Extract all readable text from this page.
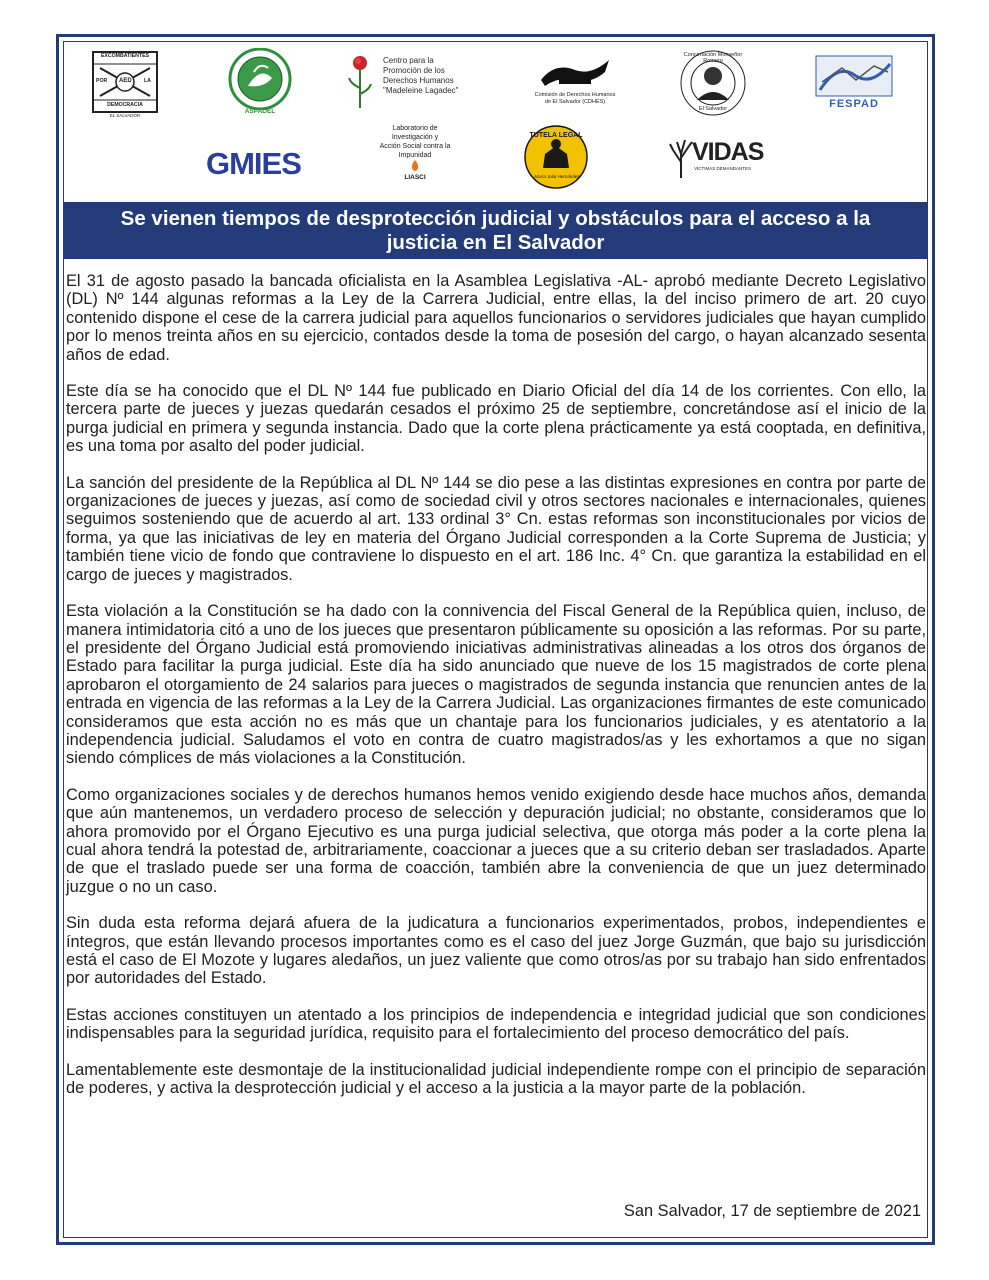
EXCOMBATIENTES
POR	LA
AED
DEMOCRACIA
EL SALVADOR
ASPADEL
Centro para la
Promoción de los
Derechos Humanos
"Madeleine Lagadec"	Comisión de Derechos Humanos
de El Salvador (CDHES)
Concertación Monseñor Romero
El Salvador	FESPAD
GMIES
Laboratorio de
Investigación y
Acción Social contra la
Impunidad
LIASCI
TUTELA LEGAL
María Julia Hernández
VIDAS
VÍCTIMAS DEMANDANTES
Se vienen tiempos de desprotección judicial y obstáculos para el acceso a la
justicia en El Salvador

El 31 de agosto pasado la bancada oficialista en la Asamblea Legislativa -AL- aprobó mediante Decreto Legislativo (DL) Nº 144 algunas reformas a la Ley de la Carrera Judicial, entre ellas, la del inciso primero de art. 20 cuyo contenido dispone el cese de la carrera judicial para aquellos funcionarios o servidores judiciales que hayan cumplido por lo menos treinta años en su ejercicio, contados desde la toma de posesión del cargo, o hayan alcanzado sesenta años de edad.

Este día se ha conocido que el DL Nº 144 fue publicado en Diario Oficial del día 14 de los corrientes. Con ello, la tercera parte de jueces y juezas quedarán cesados el próximo 25 de septiembre, concretándose así el inicio de la purga judicial en primera y segunda instancia. Dado que la corte plena prácticamente ya está cooptada, en definitiva, es una toma por asalto del poder judicial.

La sanción del presidente de la República al DL Nº 144 se dio pese a las distintas expresiones en contra por parte de organizaciones de jueces y juezas, así como de sociedad civil y otros sectores nacionales e internacionales, quienes seguimos sosteniendo que de acuerdo al art. 133 ordinal 3° Cn. estas reformas son inconstitucionales por vicios de forma, ya que las iniciativas de ley en materia del Órgano Judicial corresponden a la Corte Suprema de Justicia; y también tiene vicio de fondo que contraviene lo dispuesto en el art. 186 Inc. 4° Cn. que garantiza la estabilidad en el cargo de jueces y magistrados.

Esta violación a la Constitución se ha dado con la connivencia del Fiscal General de la República quien, incluso, de manera intimidatoria citó a uno de los jueces que presentaron públicamente su oposición a las reformas. Por su parte, el presidente del Órgano Judicial está promoviendo iniciativas administrativas alineadas a los otros dos órganos de Estado para facilitar la purga judicial. Este día ha sido anunciado que nueve de los 15 magistrados de corte plena aprobaron el otorgamiento de 24 salarios para jueces o magistrados de segunda instancia que renuncien antes de la entrada en vigencia de las reformas a la Ley de la Carrera Judicial. Las organizaciones firmantes de este comunicado consideramos que esta acción no es más que un chantaje para los funcionarios judiciales, y es atentatorio a la independencia judicial. Saludamos el voto en contra de cuatro magistrados/as y les exhortamos a que no sigan siendo cómplices de más violaciones a la Constitución.

Como organizaciones sociales y de derechos humanos hemos venido exigiendo desde hace muchos años, demanda que aún mantenemos, un verdadero proceso de selección y depuración judicial; no obstante, consideramos que lo ahora promovido por el Órgano Ejecutivo es una purga judicial selectiva, que otorga más poder a la corte plena la cual ahora tendrá la potestad de, arbitrariamente, coaccionar a jueces que a su criterio deban ser trasladados. Aparte de que el traslado puede ser una forma de coacción, también abre la conveniencia de que un juez determinado juzgue o no un caso.

Sin duda esta reforma dejará afuera de la judicatura a funcionarios experimentados, probos, independientes e íntegros, que están llevando procesos importantes como es el caso del juez Jorge Guzmán, que bajo su jurisdicción está el caso de El Mozote y lugares aledaños, un juez valiente que como otros/as por su trabajo han sido enfrentados por autoridades del Estado.

Estas acciones constituyen un atentado a los principios de independencia e integridad judicial que son condiciones indispensables para la seguridad jurídica, requisito para el fortalecimiento del proceso democrático del país.

Lamentablemente este desmontaje de la institucionalidad judicial independiente rompe con el principio de separación de poderes, y activa la desprotección judicial y el acceso a la justicia a la mayor parte de la población.

San Salvador, 17 de septiembre de 2021
